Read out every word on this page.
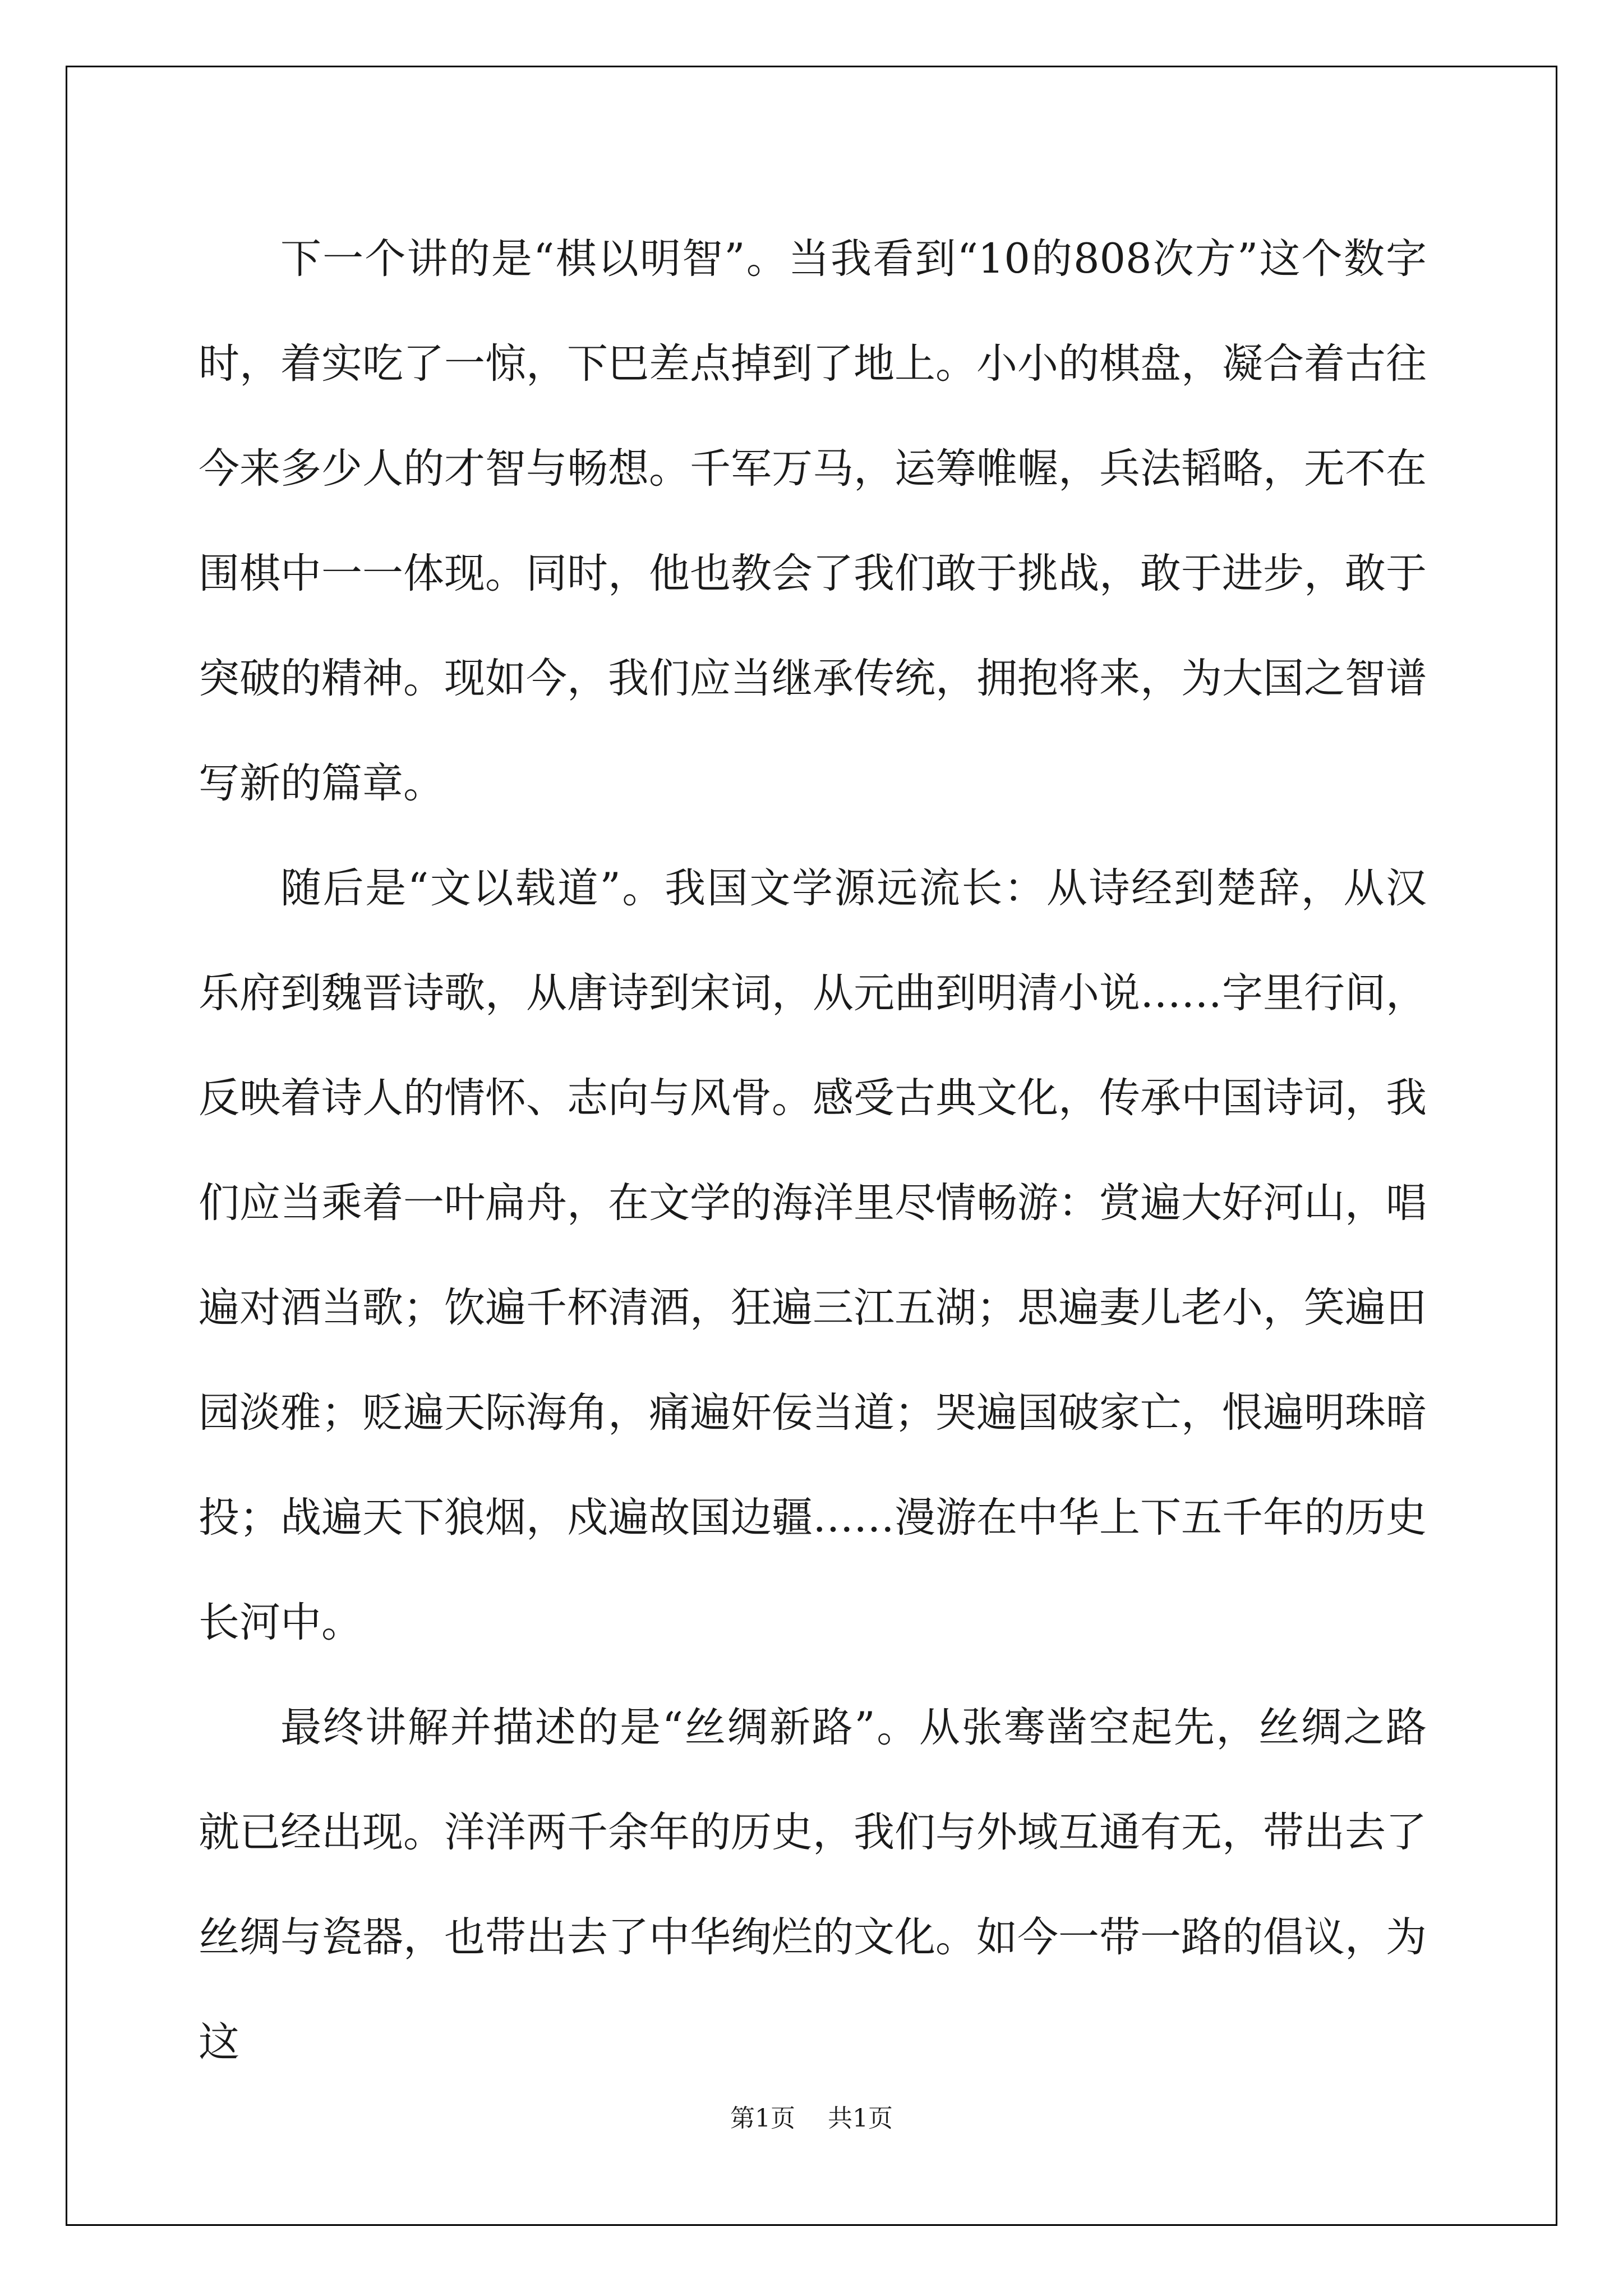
下一个讲的是“棋以明智”。当我看到“10的808次方”这个数字时，着实吃了一惊，下巴差点掉到了地上。小小的棋盘，凝合着古往今来多少人的才智与畅想。千军万马，运筹帷幄，兵法韬略，无不在围棋中一一体现。同时，他也教会了我们敢于挑战，敢于进步，敢于突破的精神。现如今，我们应当继承传统，拥抱将来，为大国之智谱写新的篇章。

随后是“文以载道”。我国文学源远流长：从诗经到楚辞，从汉乐府到魏晋诗歌，从唐诗到宋词，从元曲到明清小说……字里行间，反映着诗人的情怀、志向与风骨。感受古典文化，传承中国诗词，我们应当乘着一叶扁舟，在文学的海洋里尽情畅游：赏遍大好河山，唱遍对酒当歌；饮遍千杯清酒，狂遍三江五湖；思遍妻儿老小，笑遍田园淡雅；贬遍天际海角，痛遍奸佞当道；哭遍国破家亡，恨遍明珠暗投；战遍天下狼烟，戍遍故国边疆……漫游在中华上下五千年的历史长河中。

最终讲解并描述的是“丝绸新路”。从张骞凿空起先，丝绸之路就已经出现。洋洋两千余年的历史，我们与外域互通有无，带出去了丝绸与瓷器，也带出去了中华绚烂的文化。如今一带一路的倡议，为这

第1页 共1页
